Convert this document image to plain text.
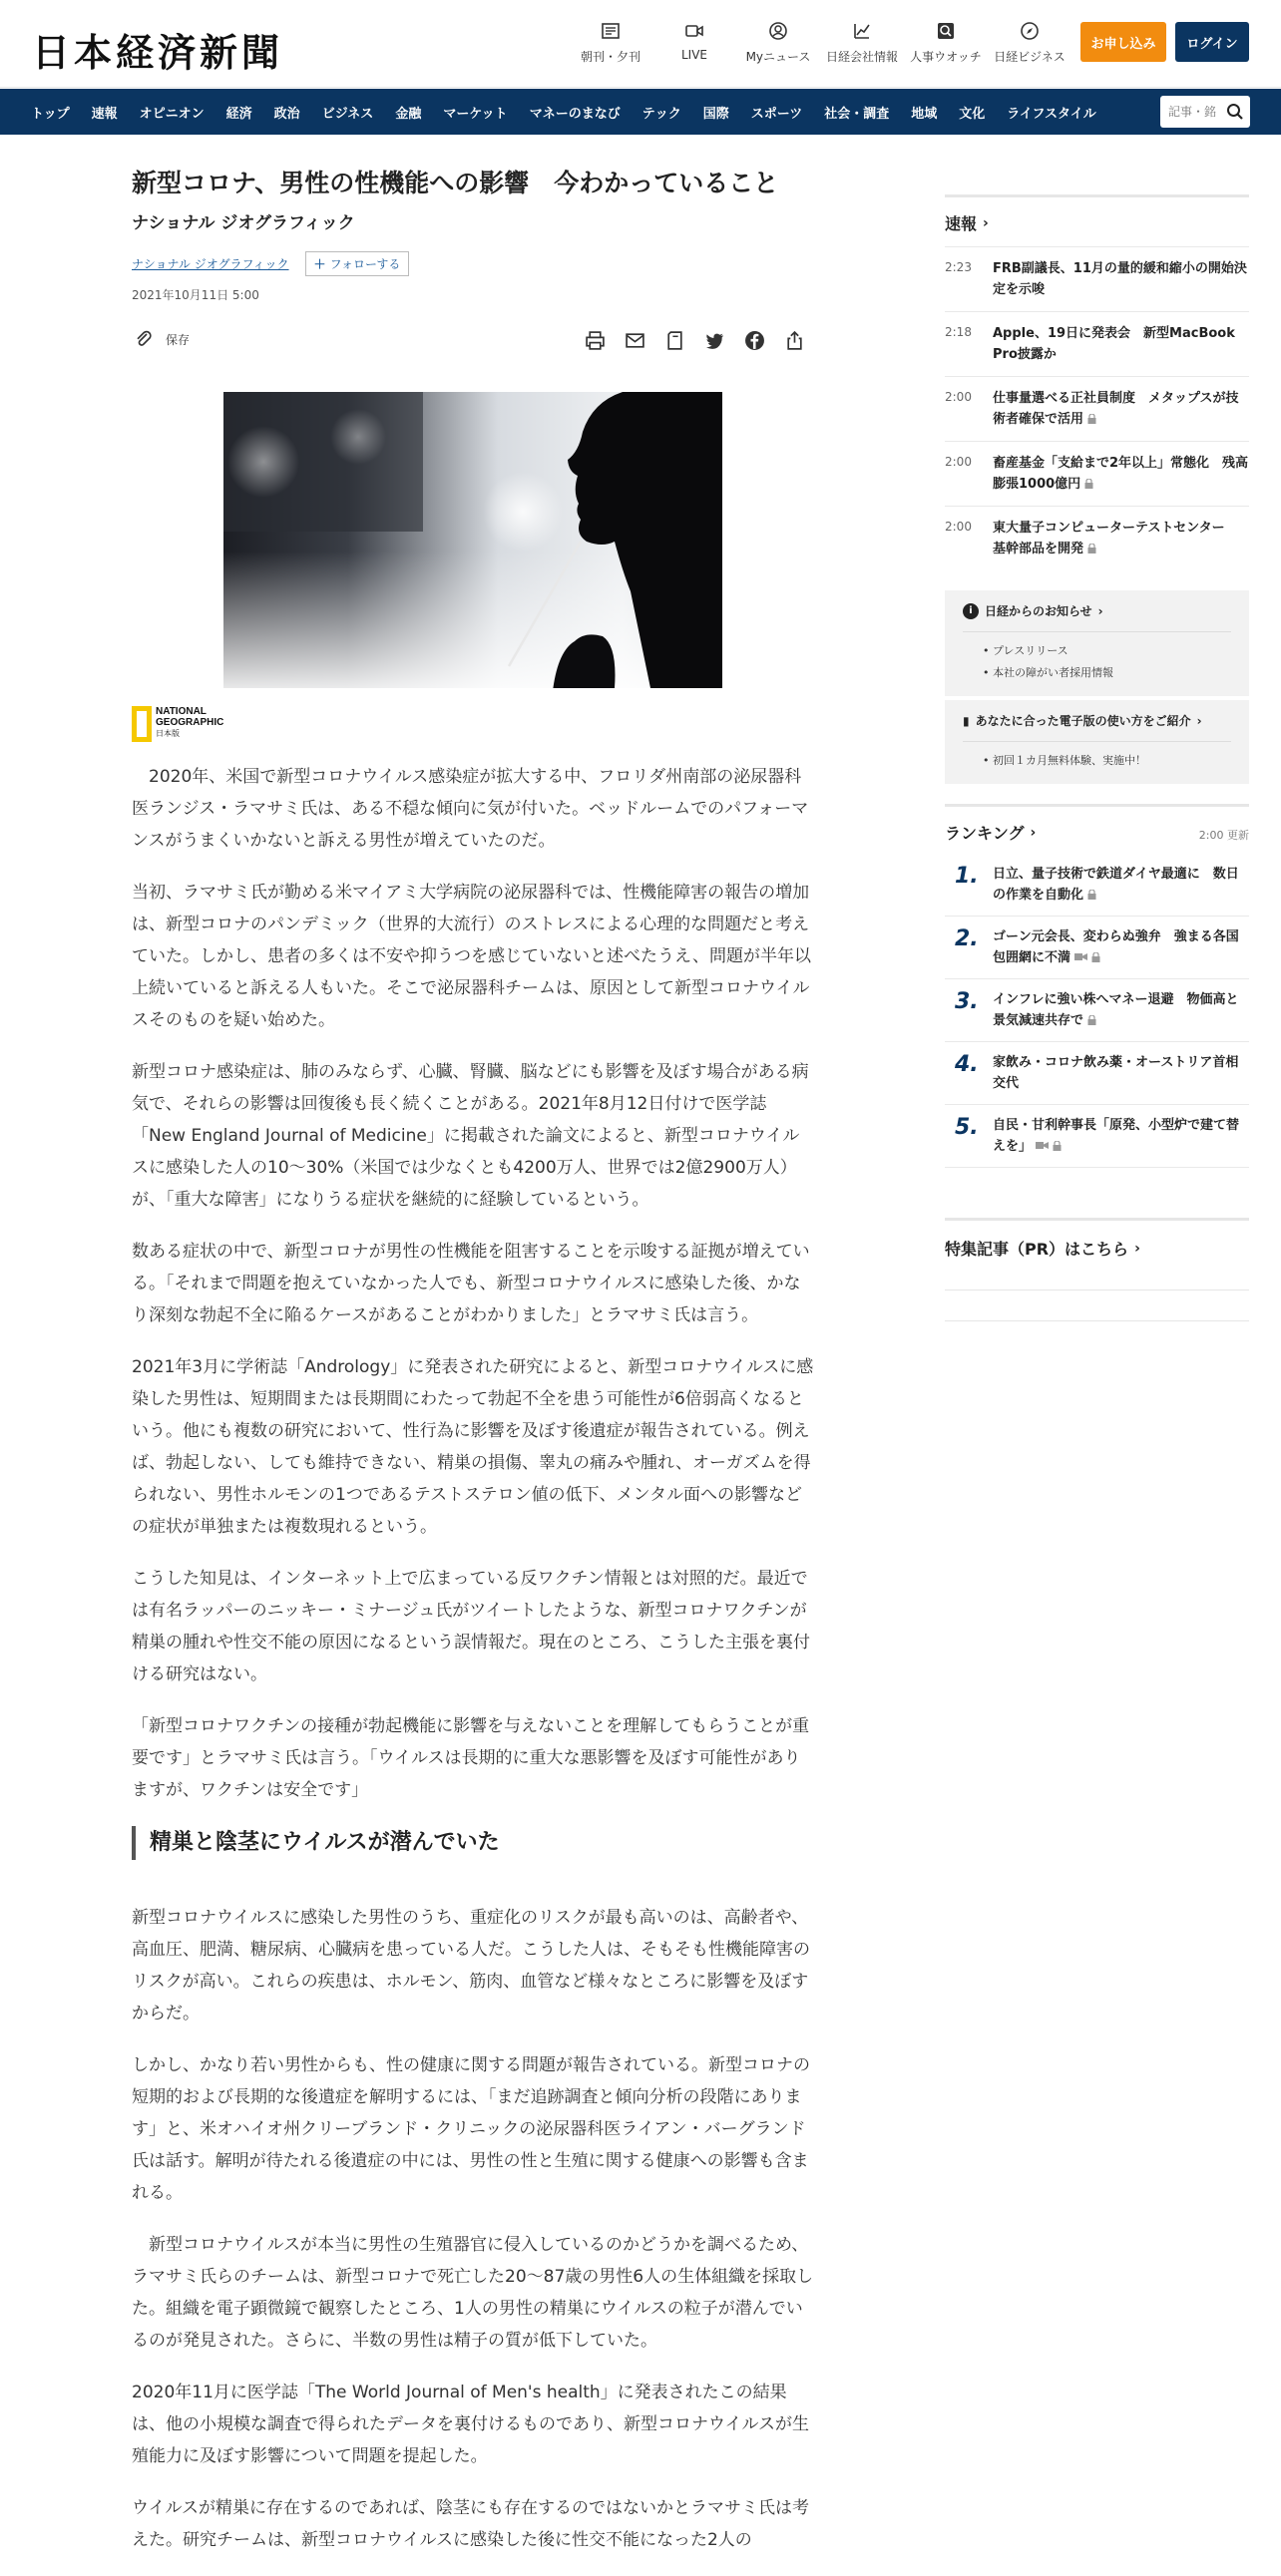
日本経済新聞	朝刊・夕刊	LIVE	Myニュース 日経会社情報 人事ウオッチ 日経ビジネス
お申し込み	ログイン
トップ	速報	オピニオン	経済	政治	ビジネス	金融	マーケット	マネーのまなび	テック	国際	スポーツ	社会・調査	地域	文化	ライフスタイル
記事・銘
新型コロナ、男性の性機能への影響　今わかっていること
ナショナル ジオグラフィック
ナショナル ジオグラフィック ＋ フォローする
2021年10月11日 5:00
保存
NATIONAL
GEOGRAPHIC
日本版

　2020年、米国で新型コロナウイルス感染症が拡大する中、フロリダ州南部の泌尿器科医ランジス・ラマサミ氏は、ある不穏な傾向に気が付いた。ベッドルームでのパフォーマンスがうまくいかないと訴える男性が増えていたのだ。

当初、ラマサミ氏が勤める米マイアミ大学病院の泌尿器科では、性機能障害の報告の増加は、新型コロナのパンデミック（世界的大流行）のストレスによる心理的な問題だと考えていた。しかし、患者の多くは不安や抑うつを感じていないと述べたうえ、問題が半年以上続いていると訴える人もいた。そこで泌尿器科チームは、原因として新型コロナウイルスそのものを疑い始めた。

新型コロナ感染症は、肺のみならず、心臓、腎臓、脳などにも影響を及ぼす場合がある病気で、それらの影響は回復後も長く続くことがある。2021年8月12日付けで医学誌「New England Journal of Medicine」に掲載された論文によると、新型コロナウイルスに感染した人の10〜30%（米国では少なくとも4200万人、世界では2億2900万人）が、「重大な障害」になりうる症状を継続的に経験しているという。

数ある症状の中で、新型コロナが男性の性機能を阻害することを示唆する証拠が増えている。「それまで問題を抱えていなかった人でも、新型コロナウイルスに感染した後、かなり深刻な勃起不全に陥るケースがあることがわかりました」とラマサミ氏は言う。

2021年3月に学術誌「Andrology」に発表された研究によると、新型コロナウイルスに感染した男性は、短期間または長期間にわたって勃起不全を患う可能性が6倍弱高くなるという。他にも複数の研究において、性行為に影響を及ぼす後遺症が報告されている。例えば、勃起しない、しても維持できない、精巣の損傷、睾丸の痛みや腫れ、オーガズムを得られない、男性ホルモンの1つであるテストステロン値の低下、メンタル面への影響などの症状が単独または複数現れるという。

こうした知見は、インターネット上で広まっている反ワクチン情報とは対照的だ。最近では有名ラッパーのニッキー・ミナージュ氏がツイートしたような、新型コロナワクチンが精巣の腫れや性交不能の原因になるという誤情報だ。現在のところ、こうした主張を裏付ける研究はない。

「新型コロナワクチンの接種が勃起機能に影響を与えないことを理解してもらうことが重要です」とラマサミ氏は言う。「ウイルスは長期的に重大な悪影響を及ぼす可能性がありますが、ワクチンは安全です」

精巣と陰茎にウイルスが潜んでいた

新型コロナウイルスに感染した男性のうち、重症化のリスクが最も高いのは、高齢者や、高血圧、肥満、糖尿病、心臓病を患っている人だ。こうした人は、そもそも性機能障害のリスクが高い。これらの疾患は、ホルモン、筋肉、血管など様々なところに影響を及ぼすからだ。

しかし、かなり若い男性からも、性の健康に関する問題が報告されている。新型コロナの短期的および長期的な後遺症を解明するには、「まだ追跡調査と傾向分析の段階にあります」と、米オハイオ州クリーブランド・クリニックの泌尿器科医ライアン・バーグランド氏は話す。解明が待たれる後遺症の中には、男性の性と生殖に関する健康への影響も含まれる。

　新型コロナウイルスが本当に男性の生殖器官に侵入しているのかどうかを調べるため、ラマサミ氏らのチームは、新型コロナで死亡した20〜87歳の男性6人の生体組織を採取した。組織を電子顕微鏡で観察したところ、1人の男性の精巣にウイルスの粒子が潜んでいるのが発見された。さらに、半数の男性は精子の質が低下していた。

2020年11月に医学誌「The World Journal of Men's health」に発表されたこの結果は、他の小規模な調査で得られたデータを裏付けるものであり、新型コロナウイルスが生殖能力に及ぼす影響について問題を提起した。

ウイルスが精巣に存在するのであれば、陰茎にも存在するのではないかとラマサミ氏は考えた。研究チームは、新型コロナウイルスに感染した後に性交不能になった2人の

速報 ›
2:23	FRB副議長、11月の量的緩和縮小の開始決定を示唆
2:18	Apple、19日に発表会　新型MacBook Pro披露か
2:00	仕事量選べる正社員制度　メタップスが技術者確保で活用
2:00	畜産基金「支給まで2年以上」常態化　残高膨張1000億円
2:00	東大量子コンピューターテストセンター　基幹部品を開発
i	日経からのお知らせ ›
• プレスリリース
• 本社の障がい者採用情報
▮ あなたに合った電子版の使い方をご紹介 ›
• 初回１カ月無料体験、実施中！
ランキング ›	2:00 更新
1.	日立、量子技術で鉄道ダイヤ最適に　数日の作業を自動化
2.	ゴーン元会長、変わらぬ強弁　強まる各国包囲網に不満
3.	インフレに強い株へマネー退避　物価高と景気減速共存で
4.	家飲み・コロナ飲み薬・オーストリア首相交代
5.	自民・甘利幹事長「原発、小型炉で建て替えを」
特集記事（PR）はこちら ›
